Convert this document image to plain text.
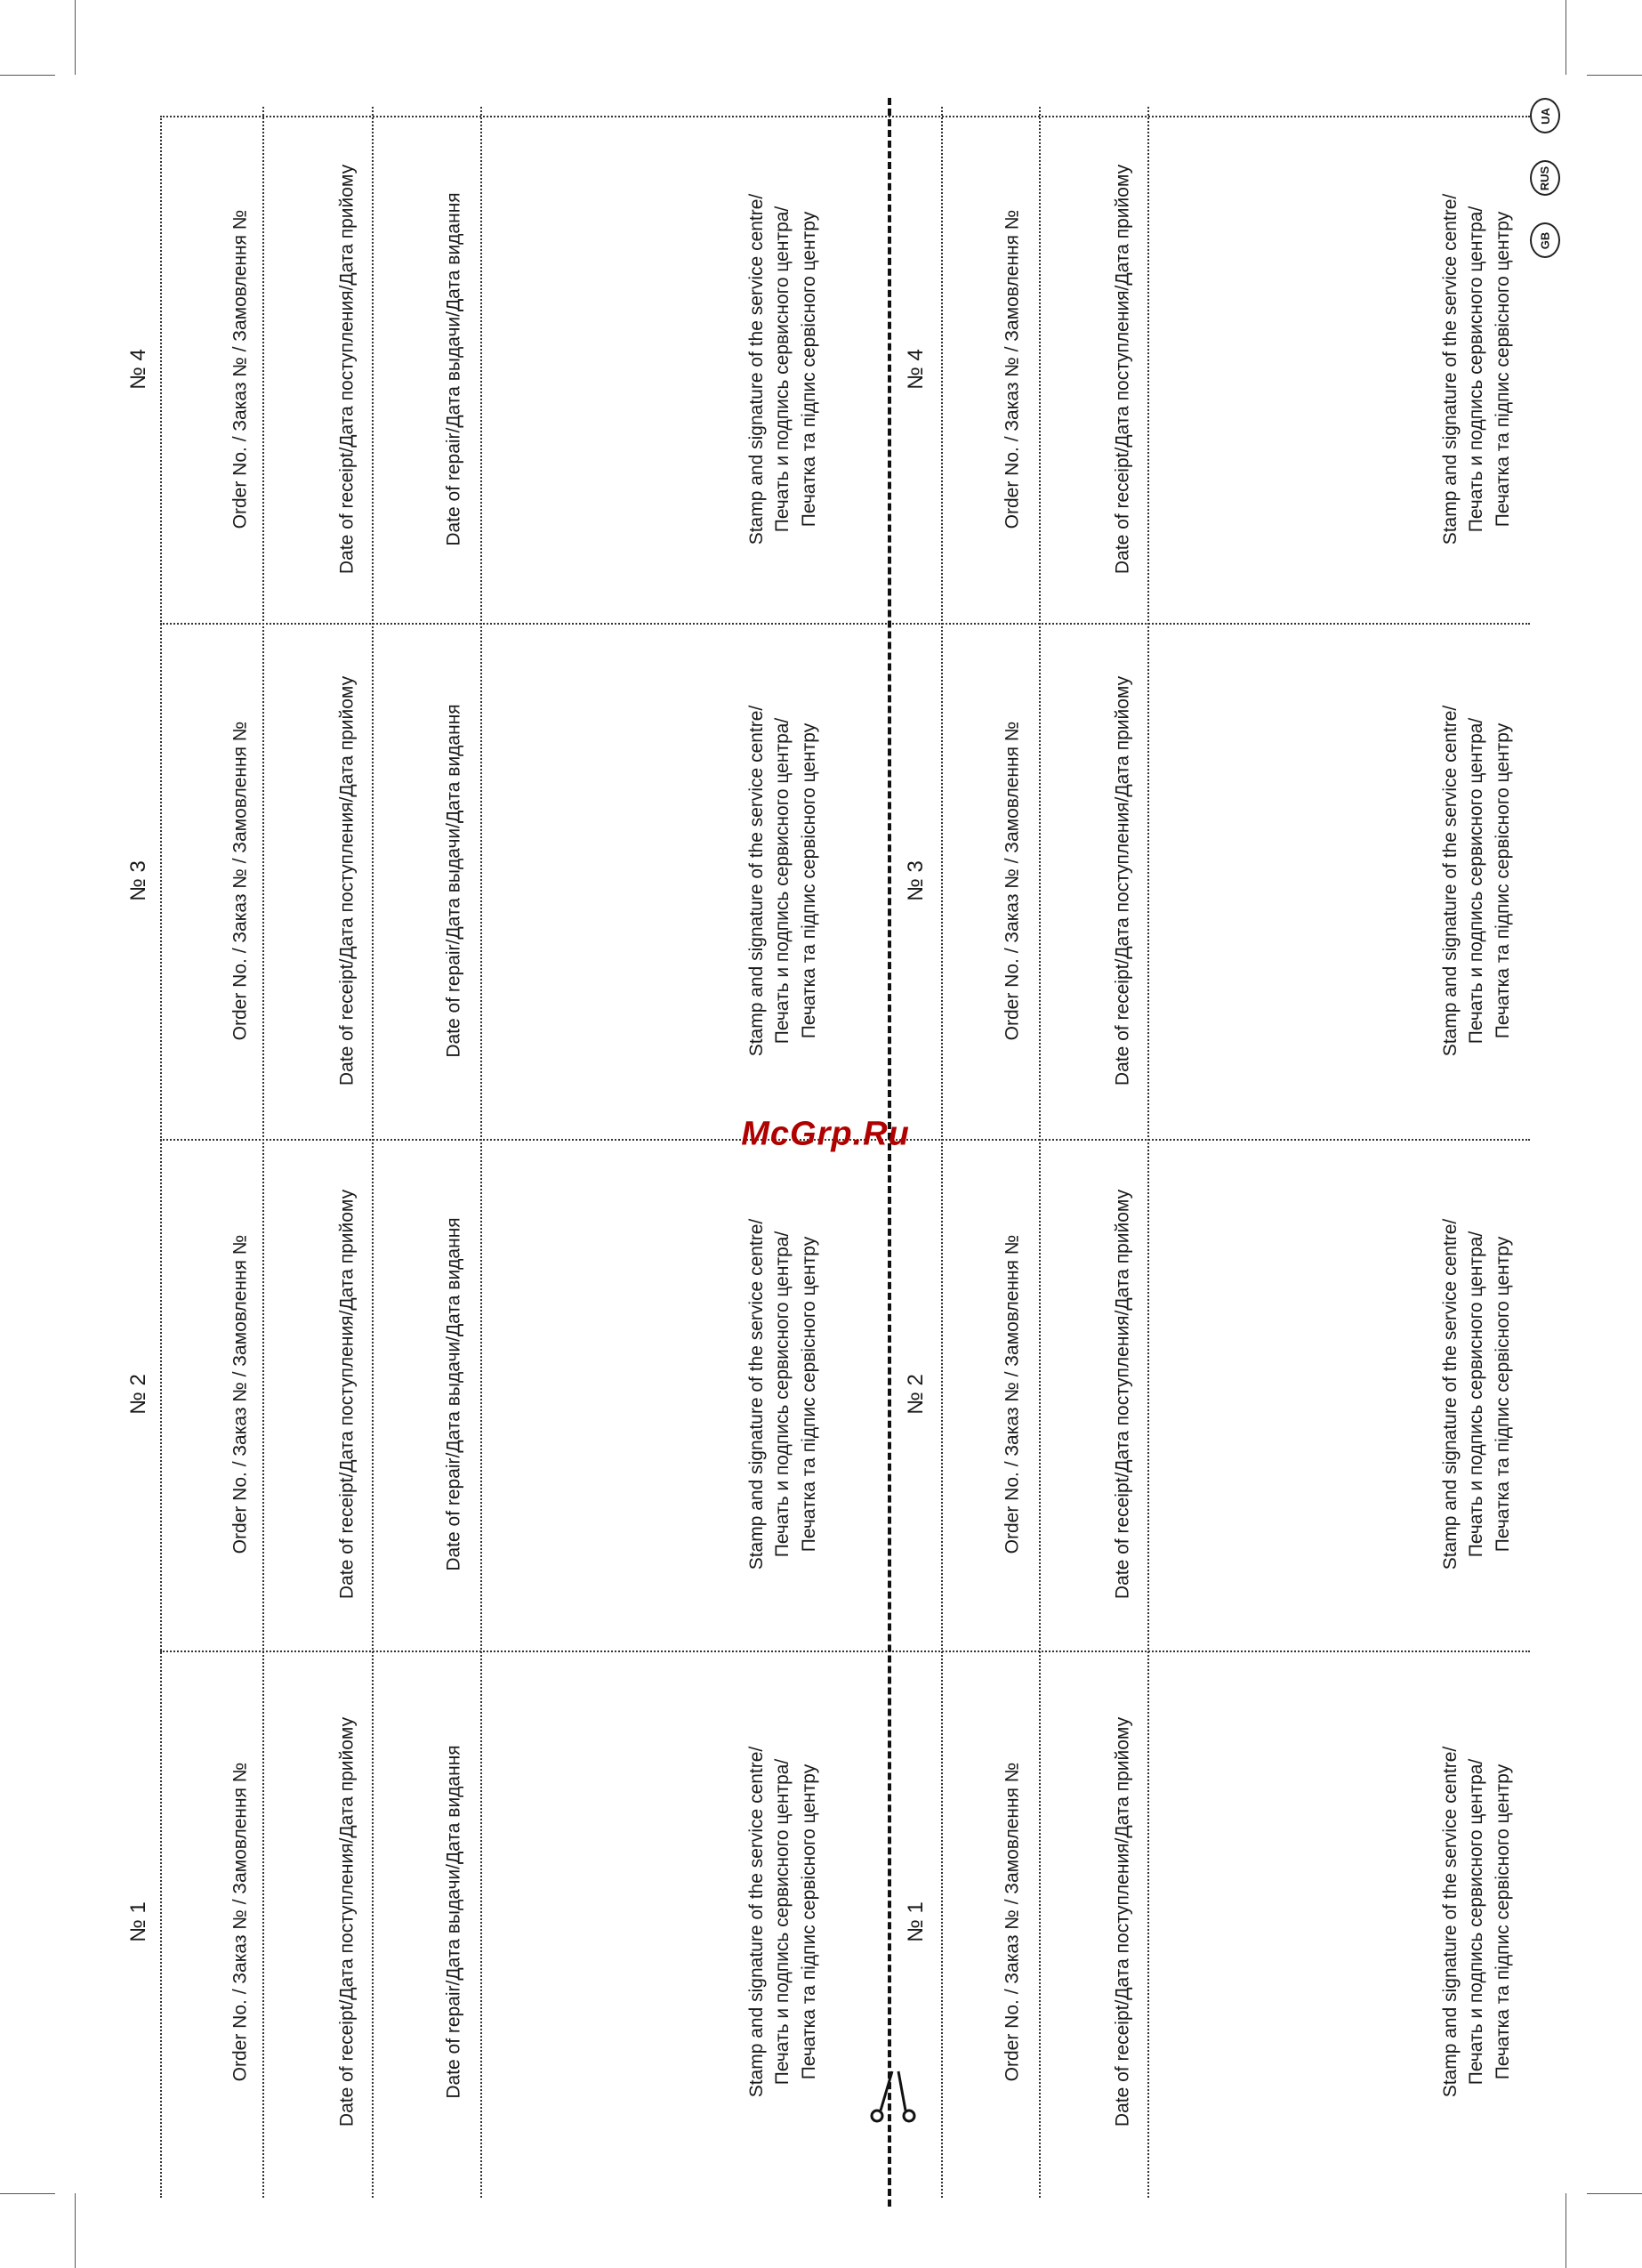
№ 1	Order No. / Заказ № / Замовлення №	Date of receipt/Дата поступления/Дата прийому	Date of repair/Дата выдачи/Дата видання	Stamp and signature of the service centre/ Печать и подпись сервисного центра/ Печатка та підпис сервісного центру	№ 1	Order No. / Заказ № / Замовлення №	Date of receipt/Дата поступления/Дата прийому	Stamp and signature of the service centre/ Печать и подпись сервисного центра/ Печатка та підпис сервісного центру
№ 2	Order No. / Заказ № / Замовлення №	Date of receipt/Дата поступления/Дата прийому	Date of repair/Дата выдачи/Дата видання	Stamp and signature of the service centre/ Печать и подпись сервисного центра/ Печатка та підпис сервісного центру	№ 2	Order No. / Заказ № / Замовлення №	Date of receipt/Дата поступления/Дата прийому	Stamp and signature of the service centre/ Печать и подпись сервисного центра/ Печатка та підпис сервісного центру
№ 3	Order No. / Заказ № / Замовлення №	Date of receipt/Дата поступления/Дата прийому	Date of repair/Дата выдачи/Дата видання	Stamp and signature of the service centre/ Печать и подпись сервисного центра/ Печатка та підпис сервісного центру	№ 3	Order No. / Заказ № / Замовлення №	Date of receipt/Дата поступления/Дата прийому	Stamp and signature of the service centre/ Печать и подпись сервисного центра/ Печатка та підпис сервісного центру
№ 4	Order No. / Заказ № / Замовлення №	Date of receipt/Дата поступления/Дата прийому	Date of repair/Дата выдачи/Дата видання	Stamp and signature of the service centre/ Печать и подпись сервисного центра/ Печатка та підпис сервісного центру	№ 4	Order No. / Заказ № / Замовлення №	Date of receipt/Дата поступления/Дата прийому	Stamp and signature of the service centre/ Печать и подпись сервисного центра/ Печатка та підпис сервісного центру
McGrp.Ru
UA
RUS
GB
